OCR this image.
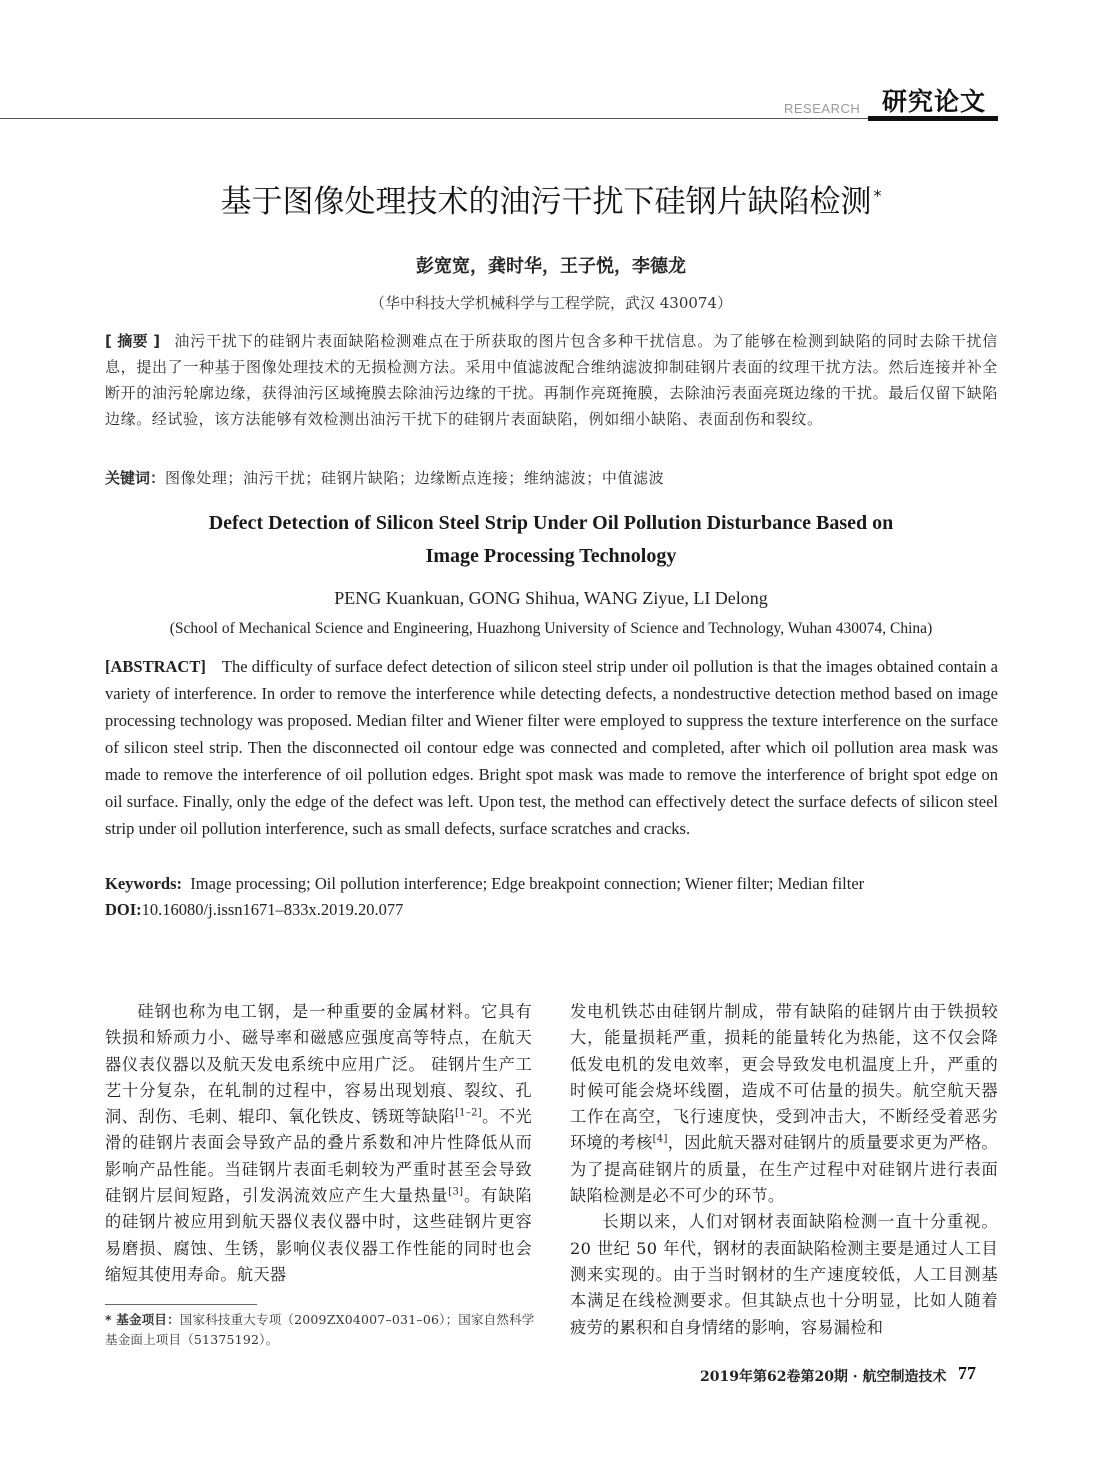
RESEARCH 研究论文
基于图像处理技术的油污干扰下硅钢片缺陷检测 *
彭宽宽，龚时华，王子悦，李德龙
（华中科技大学机械科学与工程学院，武汉 430074）
[ 摘要 ] 油污干扰下的硅钢片表面缺陷检测难点在于所获取的图片包含多种干扰信息。为了能够在检测到缺陷的同时去除干扰信息，提出了一种基于图像处理技术的无损检测方法。采用中值滤波配合维纳滤波抑制硅钢片表面的纹理干扰方法。然后连接并补全断开的油污轮廓边缘，获得油污区域掩膜去除油污边缘的干扰。再制作亮斑掩膜，去除油污表面亮斑边缘的干扰。最后仅留下缺陷边缘。经试验，该方法能够有效检测出油污干扰下的硅钢片表面缺陷，例如细小缺陷、表面刮伤和裂纹。
关键词：图像处理；油污干扰；硅钢片缺陷；边缘断点连接；维纳滤波；中值滤波
Defect Detection of Silicon Steel Strip Under Oil Pollution Disturbance Based on
Image Processing Technology
PENG Kuankuan, GONG Shihua, WANG Ziyue, LI Delong
(School of Mechanical Science and Engineering, Huazhong University of Science and Technology, Wuhan 430074, China)
[ABSTRACT] The difficulty of surface defect detection of silicon steel strip under oil pollution is that the images obtained contain a variety of interference. In order to remove the interference while detecting defects, a nondestructive detection method based on image processing technology was proposed. Median filter and Wiener filter were employed to suppress the texture interference on the surface of silicon steel strip. Then the disconnected oil contour edge was connected and completed, after which oil pollution area mask was made to remove the interference of oil pollution edges. Bright spot mask was made to remove the interference of bright spot edge on oil surface. Finally, only the edge of the defect was left. Upon test, the method can effectively detect the surface defects of silicon steel strip under oil pollution interference, such as small defects, surface scratches and cracks.
Keywords: Image processing; Oil pollution interference; Edge breakpoint connection; Wiener filter; Median filter
DOI:10.16080/j.issn1671–833x.2019.20.077

硅钢也称为电工钢，是一种重要的金属材料。它具有铁损和矫顽力小、磁导率和磁感应强度高等特点，在航天器仪表仪器以及航天发电系统中应用广泛。 硅钢片生产工艺十分复杂，在轧制的过程中，容易出现划痕、裂纹、孔洞、刮伤、毛刺、辊印、氧化铁皮、锈斑等缺陷[1–2]。不光滑的硅钢片表面会导致产品的叠片系数和冲片性降低从而影响产品性能。当硅钢片表面毛刺较为严重时甚至会导致硅钢片层间短路，引发涡流效应产生大量热量[3]。有缺陷的硅钢片被应用到航天器仪表仪器中时，这些硅钢片更容易磨损、腐蚀、生锈，影响仪表仪器工作性能的同时也会缩短其使用寿命。航天器

发电机铁芯由硅钢片制成，带有缺陷的硅钢片由于铁损较大，能量损耗严重，损耗的能量转化为热能，这不仅会降低发电机的发电效率，更会导致发电机温度上升，严重的时候可能会烧坏线圈，造成不可估量的损失。航空航天器工作在高空，飞行速度快，受到冲击大，不断经受着恶劣环境的考核[4]，因此航天器对硅钢片的质量要求更为严格。为了提高硅钢片的质量，在生产过程中对硅钢片进行表面缺陷检测是必不可少的环节。

长期以来，人们对钢材表面缺陷检测一直十分重视。20 世纪 50 年代，钢材的表面缺陷检测主要是通过人工目测来实现的。由于当时钢材的生产速度较低，人工目测基本满足在线检测要求。但其缺点也十分明显，比如人随着疲劳的累积和自身情绪的影响，容易漏检和

* 基金项目：国家科技重大专项（2009ZX04007–031–06）；国家自然科学基金面上项目（51375192）。
2019年第62卷第20期 · 航空制造技术 77
